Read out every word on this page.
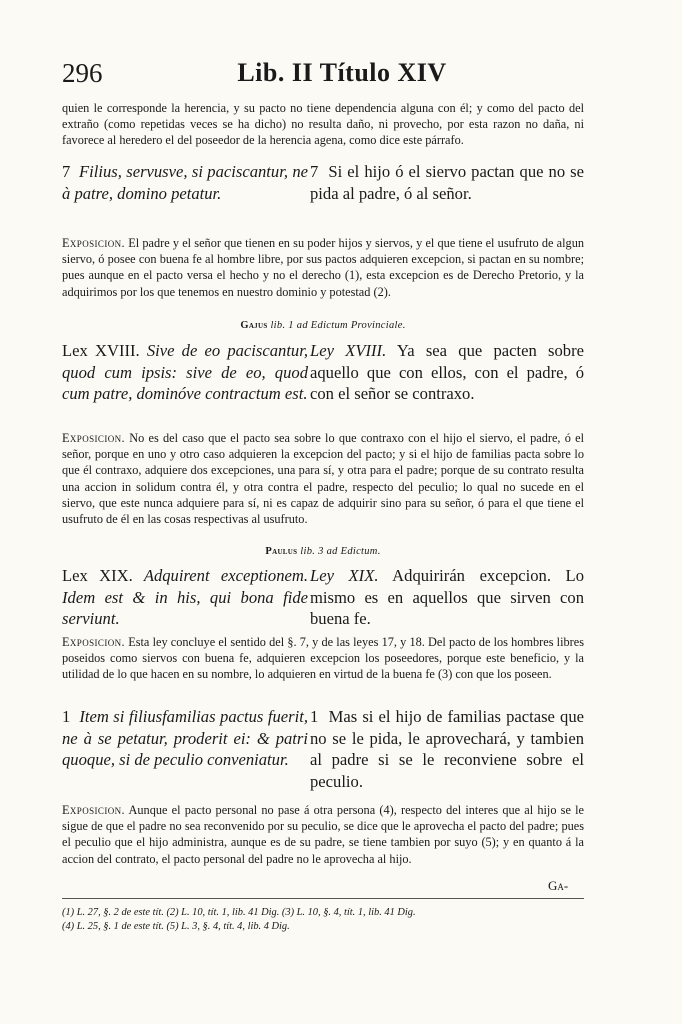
296	Lib. II Título XIV
quien le corresponde la herencia, y su pacto no tiene dependencia alguna con él; y como del pacto del extraño (como repetidas veces se ha dicho) no resulta daño, ni provecho, por esta razon no daña, ni favorece al heredero el del poseedor de la herencia agena, como dice este párrafo.
7 Filius, servusve, si paciscantur, ne à patre, domino petatur.
7 Si el hijo ó el siervo pactan que no se pida al padre, ó al señor.
Exposicion. El padre y el señor que tienen en su poder hijos y siervos, y el que tiene el usufruto de algun siervo, ó posee con buena fe al hombre libre, por sus pactos adquieren excepcion, si pactan en su nombre; pues aunque en el pacto versa el hecho y no el derecho (1), esta excepcion es de Derecho Pretorio, y la adquirimos por los que tenemos en nuestro dominio y potestad (2).
Gajus lib. 1 ad Edictum Provinciale.
Lex XVIII. Sive de eo paciscantur, quod cum ipsis: sive de eo, quod cum patre, dominóve contractum est.
Ley XVIII. Ya sea que pacten sobre aquello que con ellos, con el padre, ó con el señor se contraxo.
Exposicion. No es del caso que el pacto sea sobre lo que contraxo con el hijo el siervo, el padre, ó el señor, porque en uno y otro caso adquieren la excepcion del pacto; y si el hijo de familias pacta sobre lo que él contraxo, adquiere dos excepciones, una para sí, y otra para el padre; porque de su contrato resulta una accion in solidum contra él, y otra contra el padre, respecto del peculio; lo qual no sucede en el siervo, que este nunca adquiere para sí, ni es capaz de adquirir sino para su señor, ó para el que tiene el usufruto de él en las cosas respectivas al usufruto.
Paulus lib. 3 ad Edictum.
Lex XIX. Adquirent exceptionem. Idem est & in his, qui bona fide serviunt.
Ley XIX. Adquirirán excepcion. Lo mismo es en aquellos que sirven con buena fe.
Exposicion. Esta ley concluye el sentido del §. 7, y de las leyes 17, y 18. Del pacto de los hombres libres poseidos como siervos con buena fe, adquieren excepcion los poseedores, porque este beneficio, y la utilidad de lo que hacen en su nombre, lo adquieren en virtud de la buena fe (3) con que los poseen.
1 Item si filiusfamilias pactus fuerit, ne à se petatur, proderit ei: & patri quoque, si de peculio conveniatur.
1 Mas si el hijo de familias pactase que no se le pida, le aprovechará, y tambien al padre si se le reconviene sobre el peculio.
Exposicion. Aunque el pacto personal no pase á otra persona (4), respecto del interes que al hijo se le sigue de que el padre no sea reconvenido por su peculio, se dice que le aprovecha el pacto del padre; pues el peculio que el hijo administra, aunque es de su padre, se tiene tambien por suyo (5); y en quanto á la accion del contrato, el pacto personal del padre no le aprovecha al hijo.
Ga-
(1) L. 27, §. 2 de este tít. (2) L. 10, tít. 1, lib. 41 Dig. (3) L. 10, §. 4, tít. 1, lib. 41 Dig.
(4) L. 25, §. 1 de este tít. (5) L. 3, §. 4, tít. 4, lib. 4 Dig.
